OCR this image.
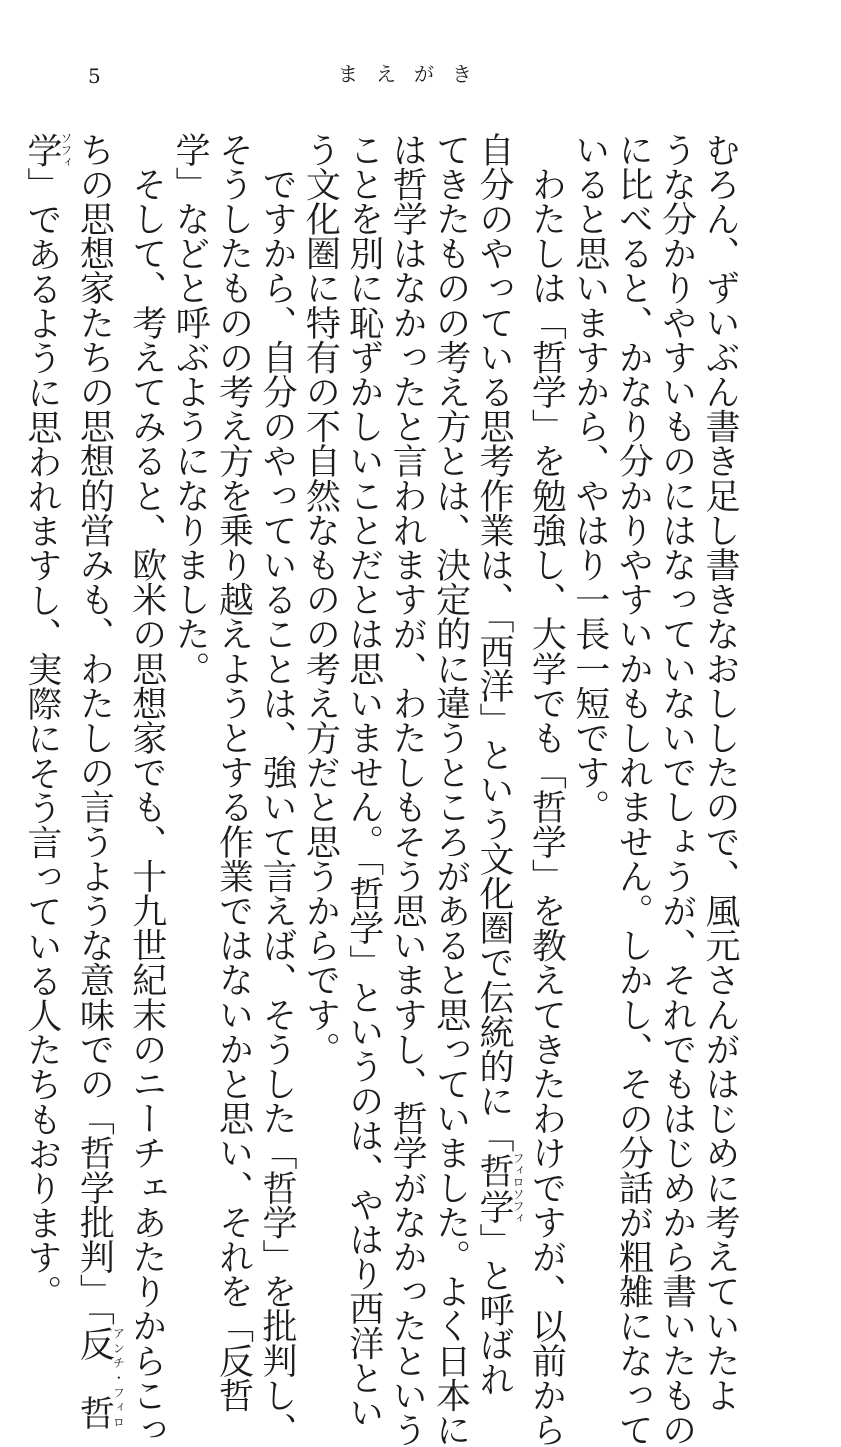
5	まえがき
むろん、ずいぶん書き足し書きなおししたので、風元さんがはじめに考えていたよ
うな分かりやすいものにはなっていないでしょうが、それでもはじめから書いたもの
に比べると、かなり分かりやすいかもしれません。しかし、その分話が粗雑になって
いると思いますから、やはり一長一短です。
　わたしは「哲学」を勉強し、大学でも「哲学」を教えてきたわけですが、以前から
自分のやっている思考作業は、「西洋」という文化圏で伝統的に「哲学フィロソフィ」と呼ばれ
てきたものの考え方とは、決定的に違うところがあると思っていました。よく日本に
は哲学はなかったと言われますが、わたしもそう思いますし、哲学がなかったという
ことを別に恥ずかしいことだとは思いません。「哲学」というのは、やはり西洋とい
う文化圏に特有の不自然なものの考え方だと思うからです。
　ですから、自分のやっていることは、強いて言えば、そうした「哲学」を批判し、
そうしたものの考え方を乗り越えようとする作業ではないかと思い、それを「反哲
学」などと呼ぶようになりました。
　そして、考えてみると、欧米の思想家でも、十九世紀末のニーチェあたりからこっ
ちの思想家たちの思想的営みも、わたしの言うような意味での「哲学批判」「反　哲アンチ・フィロ
学ソフィ」であるように思われますし、実際にそう言っている人たちもおります。
